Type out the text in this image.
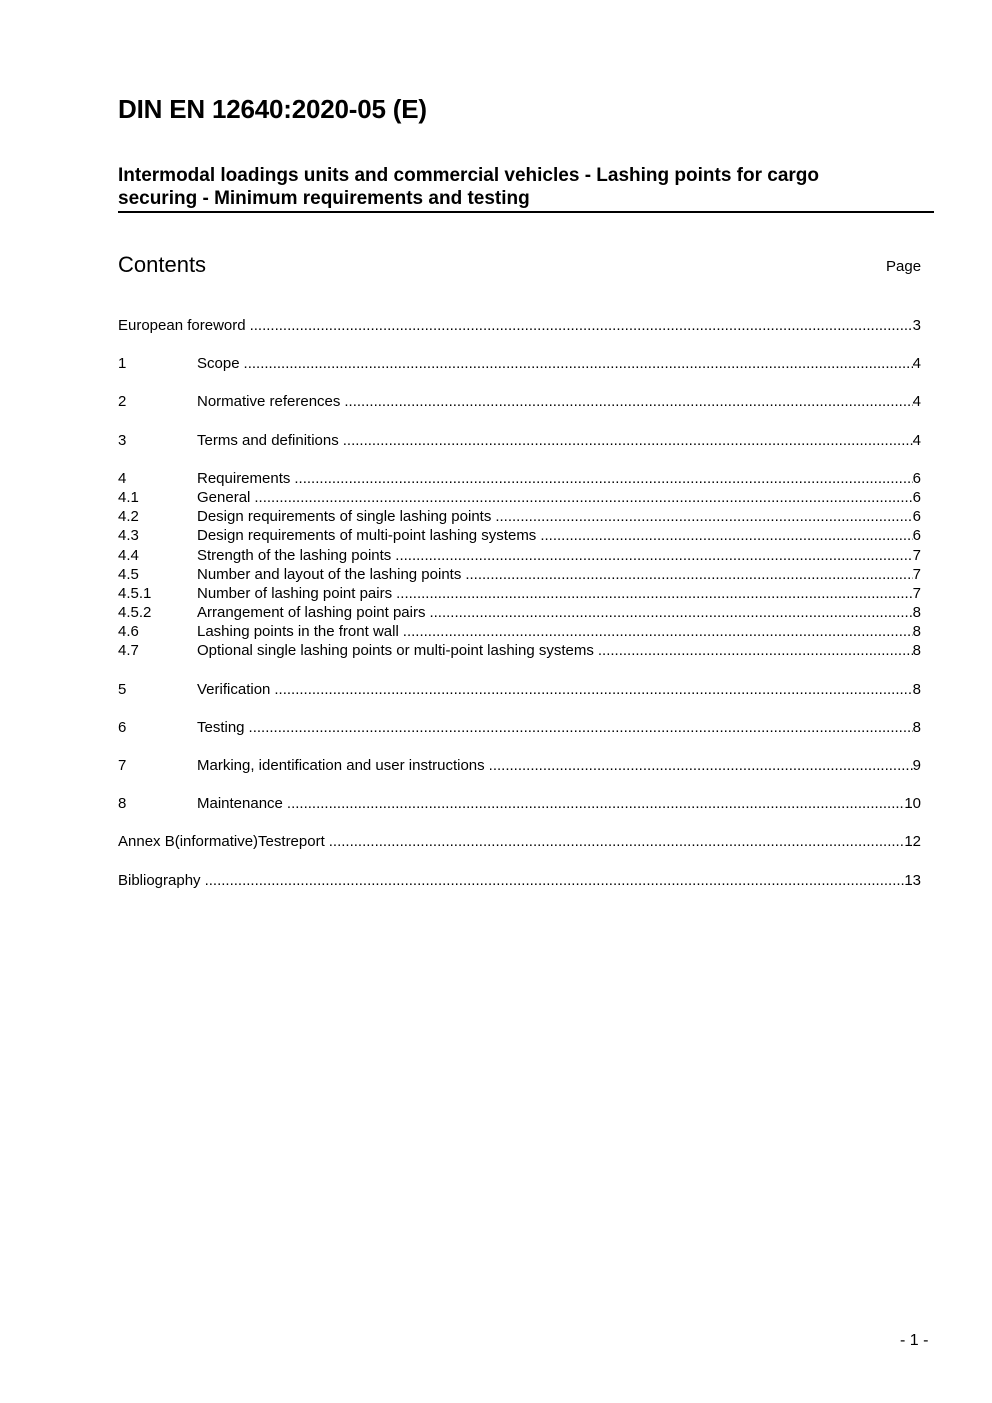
DIN EN 12640:2020-05 (E)
Intermodal loadings units and commercial vehicles - Lashing points for cargo
securing - Minimum requirements and testing
Contents	Page
European foreword .....	3
1	Scope .....	4
2	Normative references .....	4
3	Terms and definitions .....	4
4	Requirements .....	6
4.1	General .....	6
4.2	Design requirements of single lashing points .....	6
4.3	Design requirements of multi-point lashing systems .....	6
4.4	Strength of the lashing points .....	7
4.5	Number and layout of the lashing points .....	7
4.5.1	Number of lashing point pairs .....	7
4.5.2	Arrangement of lashing point pairs .....	8
4.6	Lashing points in the front wall .....	8
4.7	Optional single lashing points or multi-point lashing systems .....	8
5	Verification .....	8
6	Testing .....	8
7	Marking, identification and user instructions .....	9
8	Maintenance .....	10
Annex B(informative)Testreport .....	12
Bibliography .....	13
- 1 -
